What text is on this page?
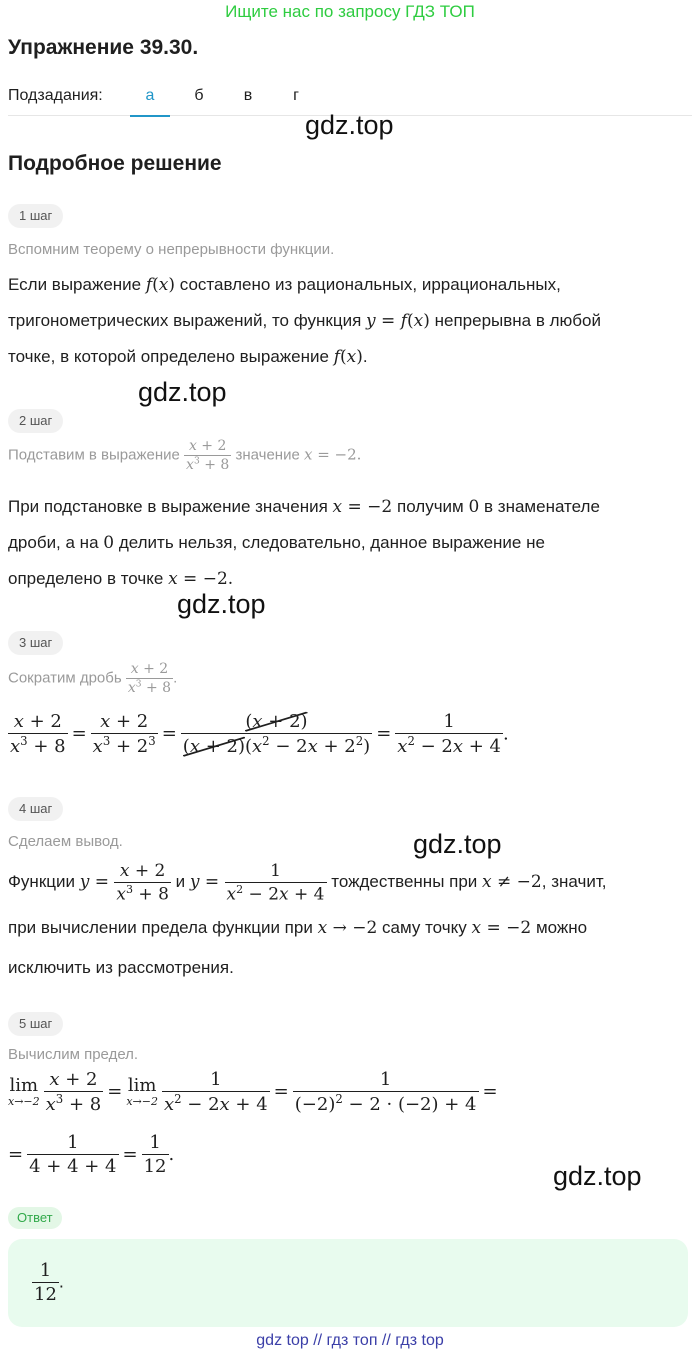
Ищите нас по запросу ГДЗ ТОП
Упражнение 39.30.
Подзадания:	а	б	в	г
gdz.top
gdz.top
gdz.top
gdz.top
gdz.top
Подробное решение
1 шаг
Вспомним теорему о непрерывности функции.
Если выражение f(x) составлено из рациональных, иррациональных,
тригонометрических выражений, то функция y = f(x) непрерывна в любой
точке, в которой определено выражение f(x).
2 шаг
Подставим в выражение $\frac{x + 2}{x^3 + 8}$ значение x = −2.
При подстановке в выражение значения x = −2 получим 0 в знаменателе
дроби, а на 0 делить нельзя, следовательно, данное выражение не
определено в точке x = −2.
3 шаг
Сократим дробь $\frac{x + 2}{x^3 + 8}$ .
$\frac{x + 2}{x^3 + 8} = \frac{x + 2}{x^3 + 2^3} = (x + 2)$
(x + 2)
$(x^2 - 2x + 2^2) = \frac{1}{x^2 - 2x + 4}$ .
4 шаг
Сделаем вывод.
Функции $y = \frac{x + 2}{x^3 + 8}$ и $y = \frac{1}{x^2 - 2x + 4}$ тождественны при x ≠ −2, значит,
при вычислении предела функции при x → −2 саму точку x = −2 можно
исключить из рассмотрения.
5 шаг
Вычислим предел.
lim
$x\to-2 \frac{x + 2}{x^3 + 8} = \lim$
$x\to-2 \frac{1}{x^2 - 2x + 4} = \frac{1}{(-2)^2 - 2 \cdot (-2) + 4}$ =
= $\frac{1}{4 + 4 + 4} = \frac{1}{12}$ .
Ответ
$\frac{1}{12}$ .
gdz top // гдз топ // гдз top
